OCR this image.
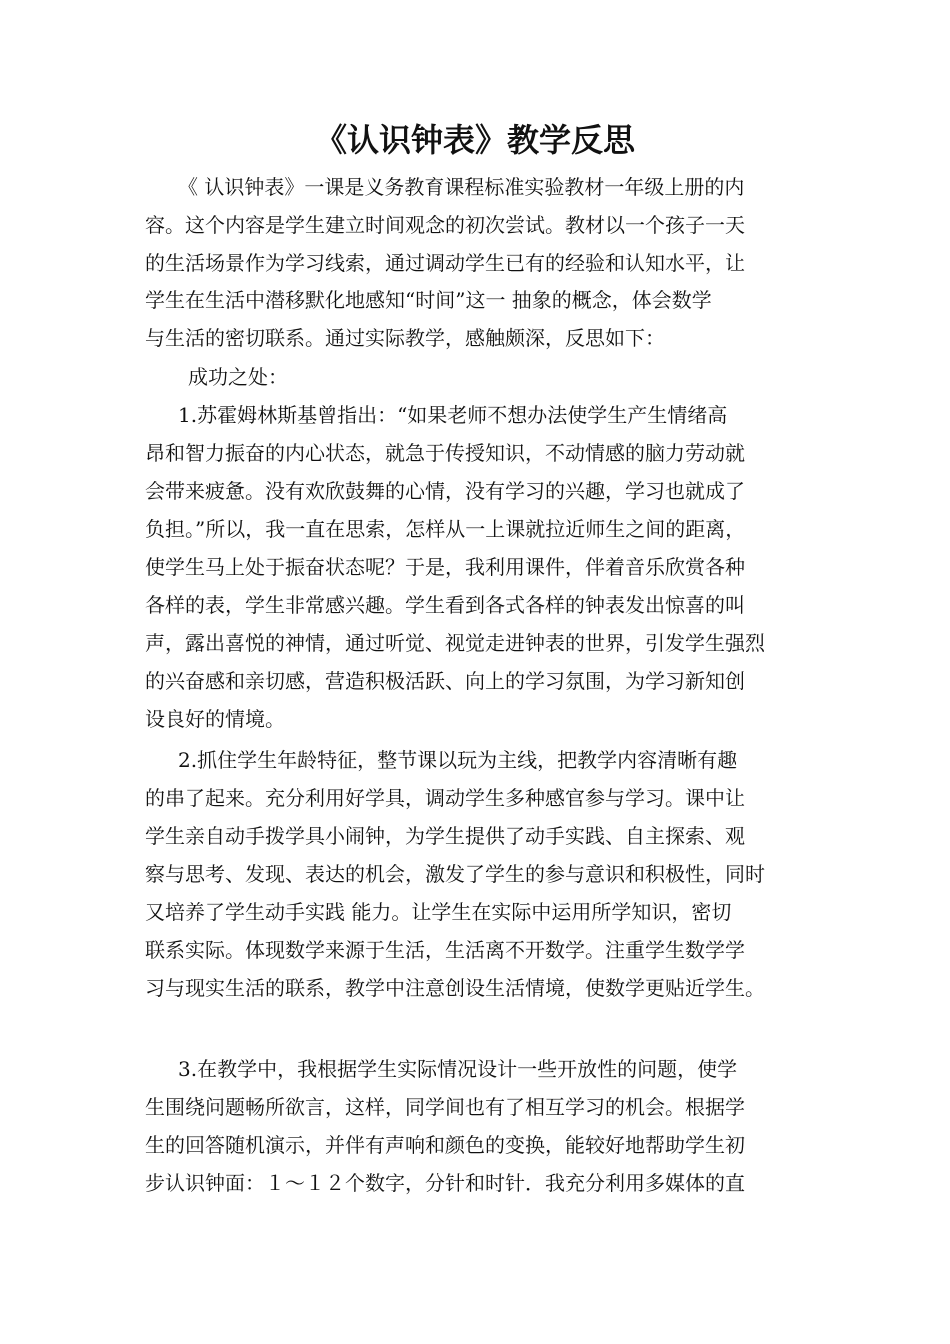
《认识钟表》教学反思

《 认识钟表》一课是义务教育课程标准实验教材一年级上册的内

容。这个内容是学生建立时间观念的初次尝试。教材以一个孩子一天

的生活场景作为学习线索，通过调动学生已有的经验和认知水平，让

学生在生活中潜移默化地感知“时间”这一 抽象的概念，体会数学

与生活的密切联系。通过实际教学，感触颇深，反思如下：

成功之处：

1.苏霍姆林斯基曾指出：“如果老师不想办法使学生产生情绪高

昂和智力振奋的内心状态，就急于传授知识，不动情感的脑力劳动就

会带来疲惫。没有欢欣鼓舞的心情，没有学习的兴趣，学习也就成了

负担。”所以，我一直在思索，怎样从一上课就拉近师生之间的距离，

使学生马上处于振奋状态呢？于是，我利用课件，伴着音乐欣赏各种

各样的表，学生非常感兴趣。学生看到各式各样的钟表发出惊喜的叫

声，露出喜悦的神情，通过听觉、视觉走进钟表的世界，引发学生强烈

的兴奋感和亲切感，营造积极活跃、向上的学习氛围，为学习新知创

设良好的情境。

2.抓住学生年龄特征，整节课以玩为主线，把教学内容清晰有趣

的串了起来。充分利用好学具，调动学生多种感官参与学习。课中让

学生亲自动手拨学具小闹钟，为学生提供了动手实践、自主探索、观

察与思考、发现、表达的机会，激发了学生的参与意识和积极性，同时

又培养了学生动手实践 能力。让学生在实际中运用所学知识，密切

联系实际。体现数学来源于生活，生活离不开数学。注重学生数学学

习与现实生活的联系，教学中注意创设生活情境，使数学更贴近学生。

3.在教学中，我根据学生实际情况设计一些开放性的问题，使学

生围绕问题畅所欲言，这样，同学间也有了相互学习的机会。根据学

生的回答随机演示，并伴有声响和颜色的变换，能较好地帮助学生初

步认识钟面：１～１２个数字，分针和时针．我充分利用多媒体的直
